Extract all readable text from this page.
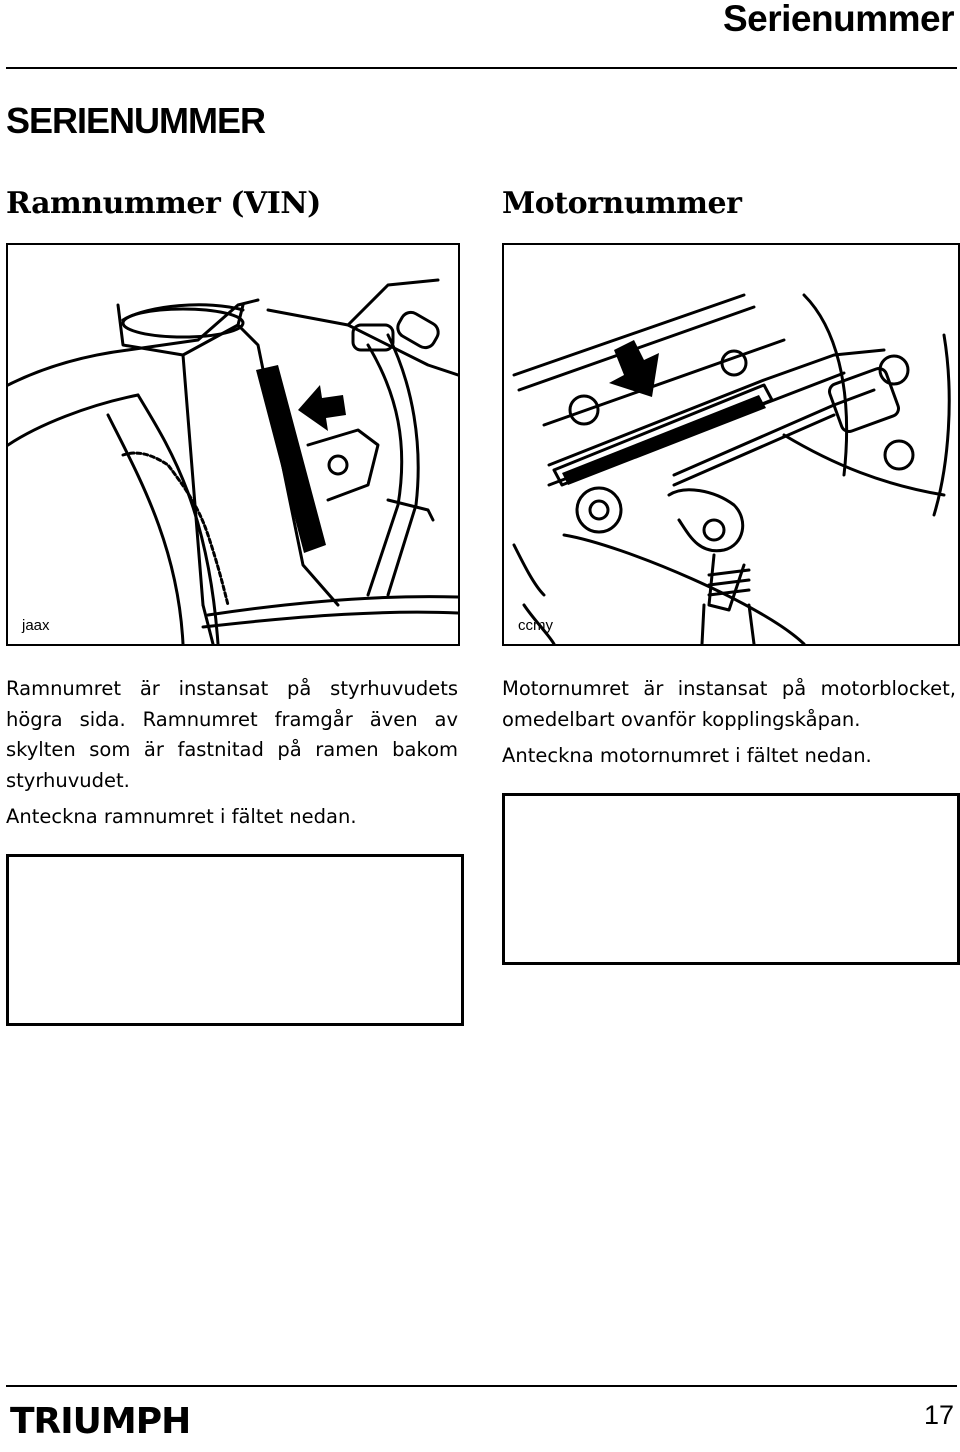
Serienummer
SERIENUMMER
Ramnummer (VIN)	Motornummer
jaax	ccmy

Ramnumret är instansat på styrhuvudets högra sida. Ramnumret framgår även av skylten som är fastnitad på ramen bakom styrhuvudet.

Anteckna ramnumret i fältet nedan.

Motornumret är instansat på motorblocket, omedelbart ovanför kopplingskåpan.

Anteckna motornumret i fältet nedan.

TRIUMPH	17
